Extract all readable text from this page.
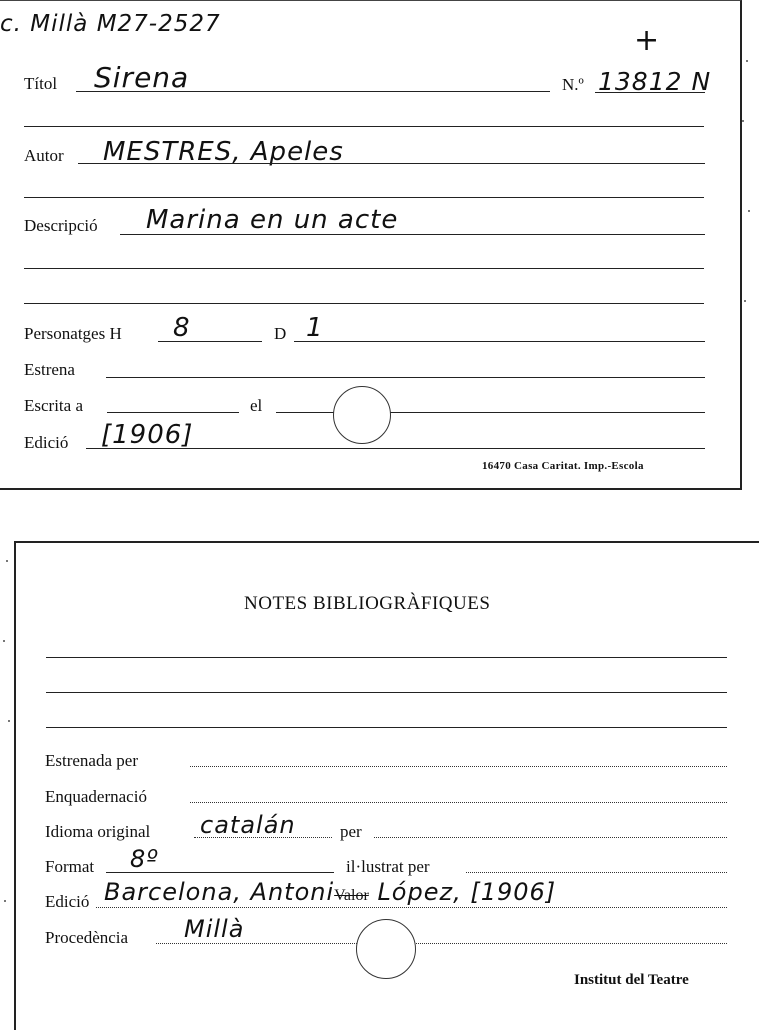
c. Millà M27-2527	+
Títol Sirena	N.º 13812 N
Autor MESTRES, Apeles
Descripció Marina en un acte
Personatges H 8	D 1
Estrena
Escrita a	el
Edició [1906]
16470 Casa Caritat. Imp.-Escola
NOTES BIBLIOGRÀFIQUES
Estrenada per
Enquadernació
Idioma original catalán	per
Format 8º	il·lustrat per
Edició Barcelona, AntoniValor López, [1906]
Procedència Millà
Institut del Teatre
